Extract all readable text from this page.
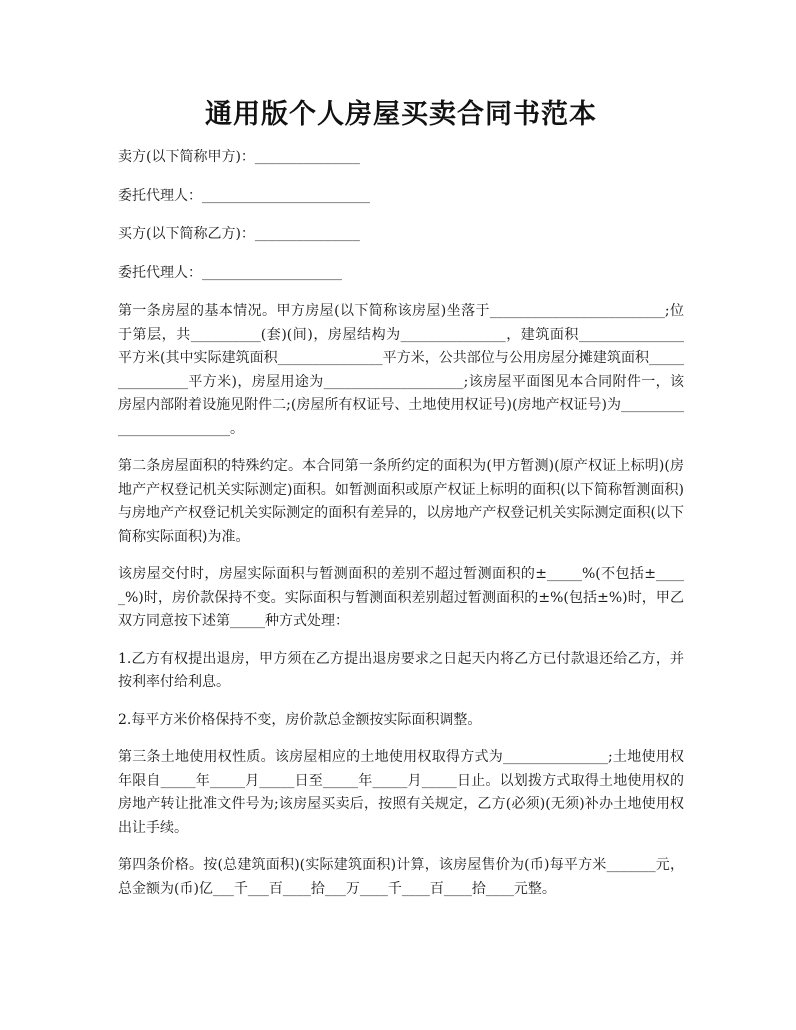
通用版个人房屋买卖合同书范本

卖方(以下简称甲方)：_______________

委托代理人：________________________

买方(以下简称乙方)：_______________

委托代理人：____________________

第一条房屋的基本情况。甲方房屋(以下简称该房屋)坐落于_________________________;位于第层，共__________(套)(间)，房屋结构为_______________，建筑面积_______________平方米(其中实际建筑面积_______________平方米，公共部位与公用房屋分摊建筑面积_______________平方米)，房屋用途为____________________;该房屋平面图见本合同附件一，该房屋内部附着设施见附件二;(房屋所有权证号、土地使用权证号)(房地产权证号)为_________________________。

第二条房屋面积的特殊约定。本合同第一条所约定的面积为(甲方暂测)(原产权证上标明)(房地产产权登记机关实际测定)面积。如暂测面积或原产权证上标明的面积(以下简称暂测面积)与房地产产权登记机关实际测定的面积有差异的，以房地产产权登记机关实际测定面积(以下简称实际面积)为准。

该房屋交付时，房屋实际面积与暂测面积的差别不超过暂测面积的±_____%(不包括±_____%)时，房价款保持不变。实际面积与暂测面积差别超过暂测面积的±%(包括±%)时，甲乙双方同意按下述第_____种方式处理：

1.乙方有权提出退房，甲方须在乙方提出退房要求之日起天内将乙方已付款退还给乙方，并按利率付给利息。

2.每平方米价格保持不变，房价款总金额按实际面积调整。

第三条土地使用权性质。该房屋相应的土地使用权取得方式为_______________;土地使用权年限自_____年_____月_____日至_____年_____月_____日止。以划拨方式取得土地使用权的房地产转让批准文件号为;该房屋买卖后，按照有关规定，乙方(必须)(无须)补办土地使用权出让手续。

第四条价格。按(总建筑面积)(实际建筑面积)计算，该房屋售价为(币)每平方米_______元，总金额为(币)亿___千___百____拾___万____千____百____拾____元整。
